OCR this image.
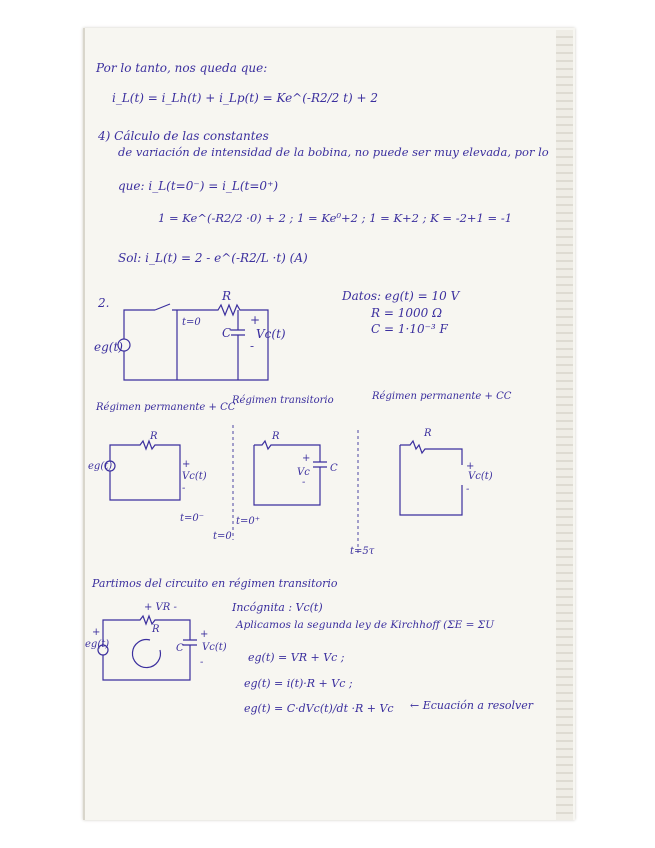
Por lo tanto, nos queda que:
i_L(t) = i_Lh(t) + i_Lp(t) = Ke^(-R2/2 t) + 2
4) Cálculo de las constantes
de variación de intensidad de la bobina, no puede ser muy elevada, por lo
que: i_L(t=0⁻) = i_L(t=0⁺)
1 = Ke^(-R2/2 ·0) + 2 ; 1 = Ke⁰+2 ; 1 = K+2 ; K = -2+1 = -1
Sol: i_L(t) = 2 - e^(-R2/L ·t) (A)
2.	R
t=0
C
+
-
Vc(t)
eg(t)
Datos: eg(t) = 10 V
R = 1000 Ω
C = 1·10⁻³ F
Régimen permanente + CC
Régimen transitorio	Régimen permanente + CC
R
+
Vc(t)
-
eg(t)
t=0⁻
R
+
Vc
-
C
t=0⁺
t=0
R
+
Vc(t)
-
t=5τ
Partimos del circuito en régimen transitorio
+ VR -
R
C
+
Vc(t)
-
eg(t)
+
Incógnita : Vc(t)
Aplicamos la segunda ley de Kirchhoff (ΣE = ΣU
eg(t) = VR + Vc ;
eg(t) = i(t)·R + Vc ;
eg(t) = C·dVc(t)/dt ·R + Vc ← Ecuación a resolver
